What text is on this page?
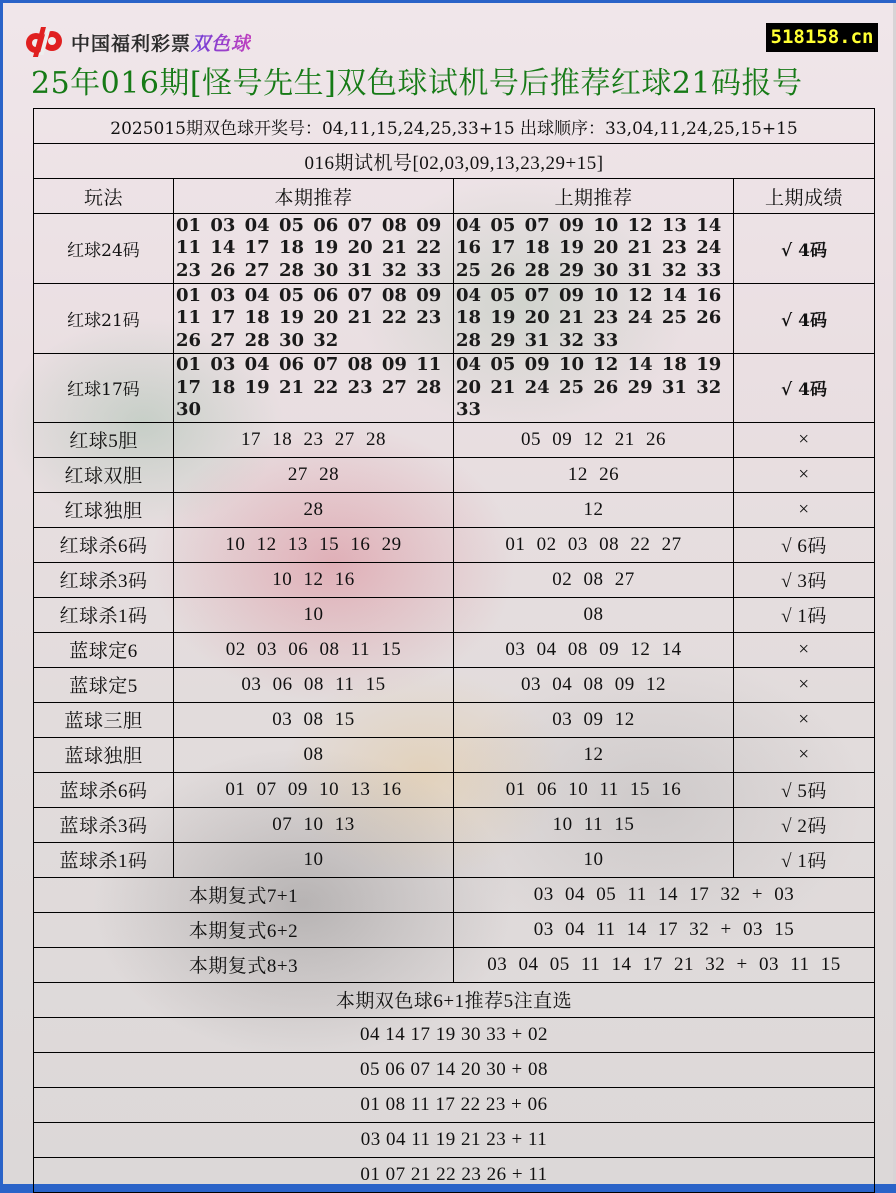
中国福利彩票双色球	518158.cn
25年016期[怪号先生]双色球试机号后推荐红球21码报号
2025015期双色球开奖号：04,11,15,24,25,33+15 出球顺序：33,04,11,24,25,15+15			
016期试机号[02,03,09,13,23,29+15]			
玩法	本期推荐	上期推荐	上期成绩
红球24码	01 03 04 05 06 07 08 09 11 14 17 18 19 20 21 22 23 26 27 28 30 31 32 33	04 05 07 09 10 12 13 14 16 17 18 19 20 21 23 24 25 26 28 29 30 31 32 33	√ 4码
红球21码	01 03 04 05 06 07 08 09 11 17 18 19 20 21 22 23 26 27 28 30 32	04 05 07 09 10 12 14 16 18 19 20 21 23 24 25 26 28 29 31 32 33	√ 4码
红球17码	01 03 04 06 07 08 09 11 17 18 19 21 22 23 27 28 30	04 05 09 10 12 14 18 19 20 21 24 25 26 29 31 32 33	√ 4码
红球5胆	17 18 23 27 28	05 09 12 21 26	×
红球双胆	27 28	12 26	×
红球独胆	28	12	×
红球杀6码	10 12 13 15 16 29	01 02 03 08 22 27	√ 6码
红球杀3码	10 12 16	02 08 27	√ 3码
红球杀1码	10	08	√ 1码
蓝球定6	02 03 06 08 11 15	03 04 08 09 12 14	×
蓝球定5	03 06 08 11 15	03 04 08 09 12	×
蓝球三胆	03 08 15	03 09 12	×
蓝球独胆	08	12	×
蓝球杀6码	01 07 09 10 13 16	01 06 10 11 15 16	√ 5码
蓝球杀3码	07 10 13	10 11 15	√ 2码
蓝球杀1码	10	10	√ 1码
本期复式7+1		03 04 05 11 14 17 32 + 03	
本期复式6+2		03 04 11 14 17 32 + 03 15	
本期复式8+3		03 04 05 11 14 17 21 32 + 03 11 15	
本期双色球6+1推荐5注直选			
04 14 17 19 30 33 + 02			
05 06 07 14 20 30 + 08			
01 08 11 17 22 23 + 06			
03 04 11 19 21 23 + 11			
01 07 21 22 23 26 + 11			
